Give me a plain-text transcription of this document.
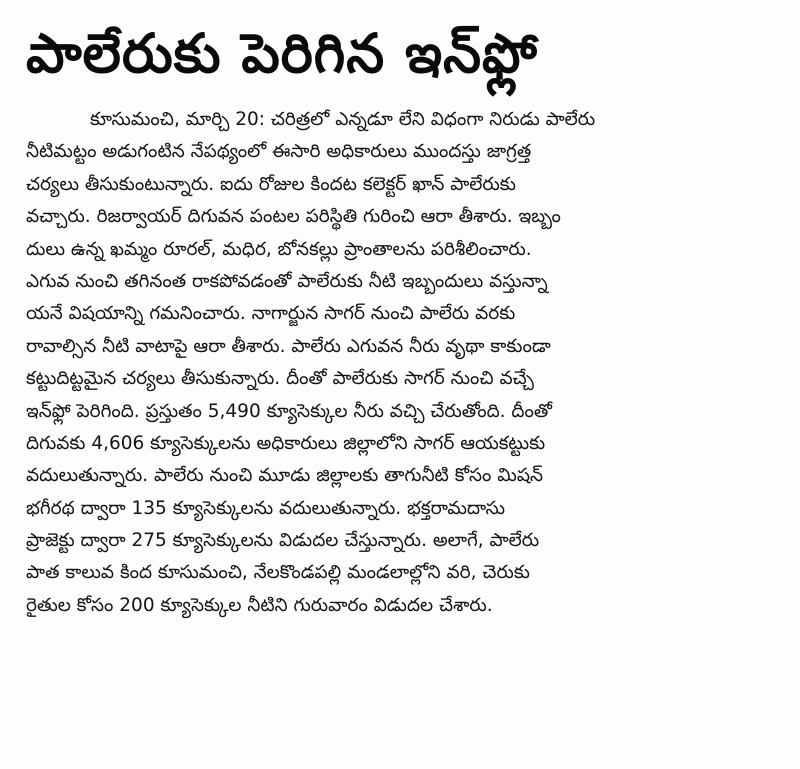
పాలేరుకు పెరిగిన ఇన్‌ఫ్లో
కూసుమంచి, మార్చి 20: చరిత్రలో ఎన్నడూ లేని విధంగా నిరుడు పాలేరు
నీటిమట్టం అడుగంటిన నేపథ్యంలో ఈసారి అధికారులు ముందస్తు జాగ్రత్త
చర్యలు తీసుకుంటున్నారు. ఐదు రోజుల కిందట కలెక్టర్ ఖాన్ పాలేరుకు
వచ్చారు. రిజర్వాయర్ దిగువన పంటల పరిస్థితి గురించి ఆరా తీశారు. ఇబ్బం
దులు ఉన్న ఖమ్మం రూరల్, మధిర, బోనకల్లు ప్రాంతాలను పరిశీలించారు.
ఎగువ నుంచి తగినంత రాకపోవడంతో పాలేరుకు నీటి ఇబ్బందులు వస్తున్నా
యనే విషయాన్ని గమనించారు. నాగార్జున సాగర్ నుంచి పాలేరు వరకు
రావాల్సిన నీటి వాటాపై ఆరా తీశారు. పాలేరు ఎగువన నీరు వృథా కాకుండా
కట్టుదిట్టమైన చర్యలు తీసుకున్నారు. దీంతో పాలేరుకు సాగర్ నుంచి వచ్చే
ఇన్‌ఫ్లో పెరిగింది. ప్రస్తుతం 5,490 క్యూసెక్కుల నీరు వచ్చి చేరుతోంది. దీంతో
దిగువకు 4,606 క్యూసెక్కులను అధికారులు జిల్లాలోని సాగర్ ఆయకట్టుకు
వదులుతున్నారు. పాలేరు నుంచి మూడు జిల్లాలకు తాగునీటి కోసం మిషన్
భగీరథ ద్వారా 135 క్యూసెక్కులను వదులుతున్నారు. భక్తరామదాసు
ప్రాజెక్టు ద్వారా 275 క్యూసెక్కులను విడుదల చేస్తున్నారు. అలాగే, పాలేరు
పాత కాలువ కింద కూసుమంచి, నేలకొండపల్లి మండలాల్లోని వరి, చెరుకు
రైతుల కోసం 200 క్యూసెక్కుల నీటిని గురువారం విడుదల చేశారు.
